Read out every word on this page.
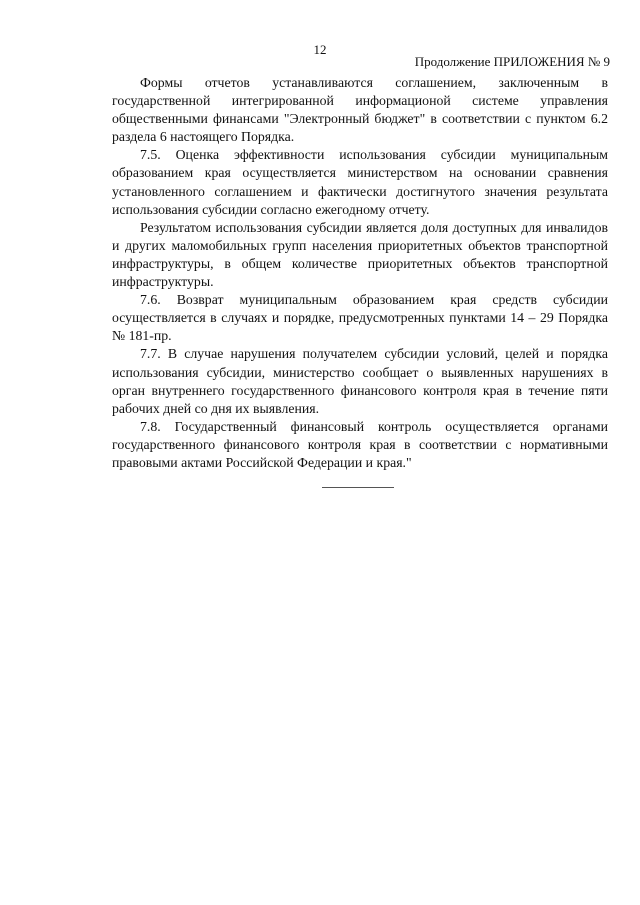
12
Продолжение ПРИЛОЖЕНИЯ № 9

Формы отчетов устанавливаются соглашением, заключенным в государственной интегрированной информационой системе управления общественными финансами "Электронный бюджет" в соответствии с пунктом 6.2 раздела 6 настоящего Порядка.

7.5. Оценка эффективности использования субсидии муниципальным образованием края осуществляется министерством на основании сравнения установленного соглашением и фактически достигнутого значения результата использования субсидии согласно ежегодному отчету.

Результатом использования субсидии является доля доступных для инвалидов и других маломобильных групп населения приоритетных объектов транспортной инфраструктуры, в общем количестве приоритетных объектов транспортной инфраструктуры.

7.6. Возврат муниципальным образованием края средств субсидии осуществляется в случаях и порядке, предусмотренных пунктами 14 – 29 Порядка № 181-пр.

7.7. В случае нарушения получателем субсидии условий, целей и порядка использования субсидии, министерство сообщает о выявленных нарушениях в орган внутреннего государственного финансового контроля края в течение пяти рабочих дней со дня их выявления.

7.8. Государственный финансовый контроль осуществляется органами государственного финансового контроля края в соответствии с нормативными правовыми актами Российской Федерации и края."
